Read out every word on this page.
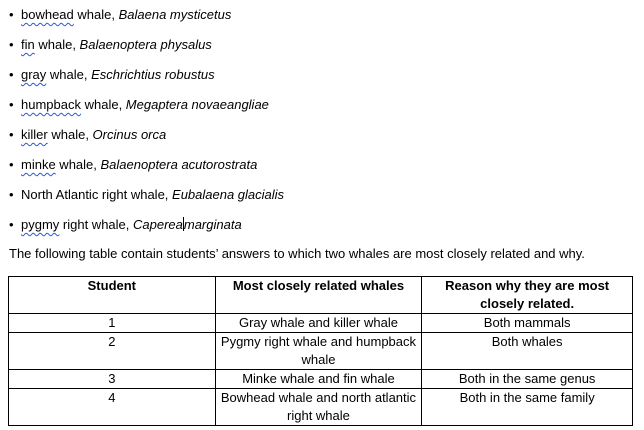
• bowhead whale, Balaena mysticetus
• fin whale, Balaenoptera physalus
• gray whale, Eschrichtius robustus
• humpback whale, Megaptera novaeangliae
• killer whale, Orcinus orca
• minke whale, Balaenoptera acutorostrata
• North Atlantic right whale, Eubalaena glacialis
• pygmy right whale, Capereamarginata
The following table contain students’ answers to which two whales are most closely related and why.
Student	Most closely related whales	Reason why they are most closely related.
1	Gray whale and killer whale	Both mammals
2	Pygmy right whale and humpback whale	Both whales
3	Minke whale and fin whale	Both in the same genus
4	Bowhead whale and north atlantic right whale	Both in the same family
